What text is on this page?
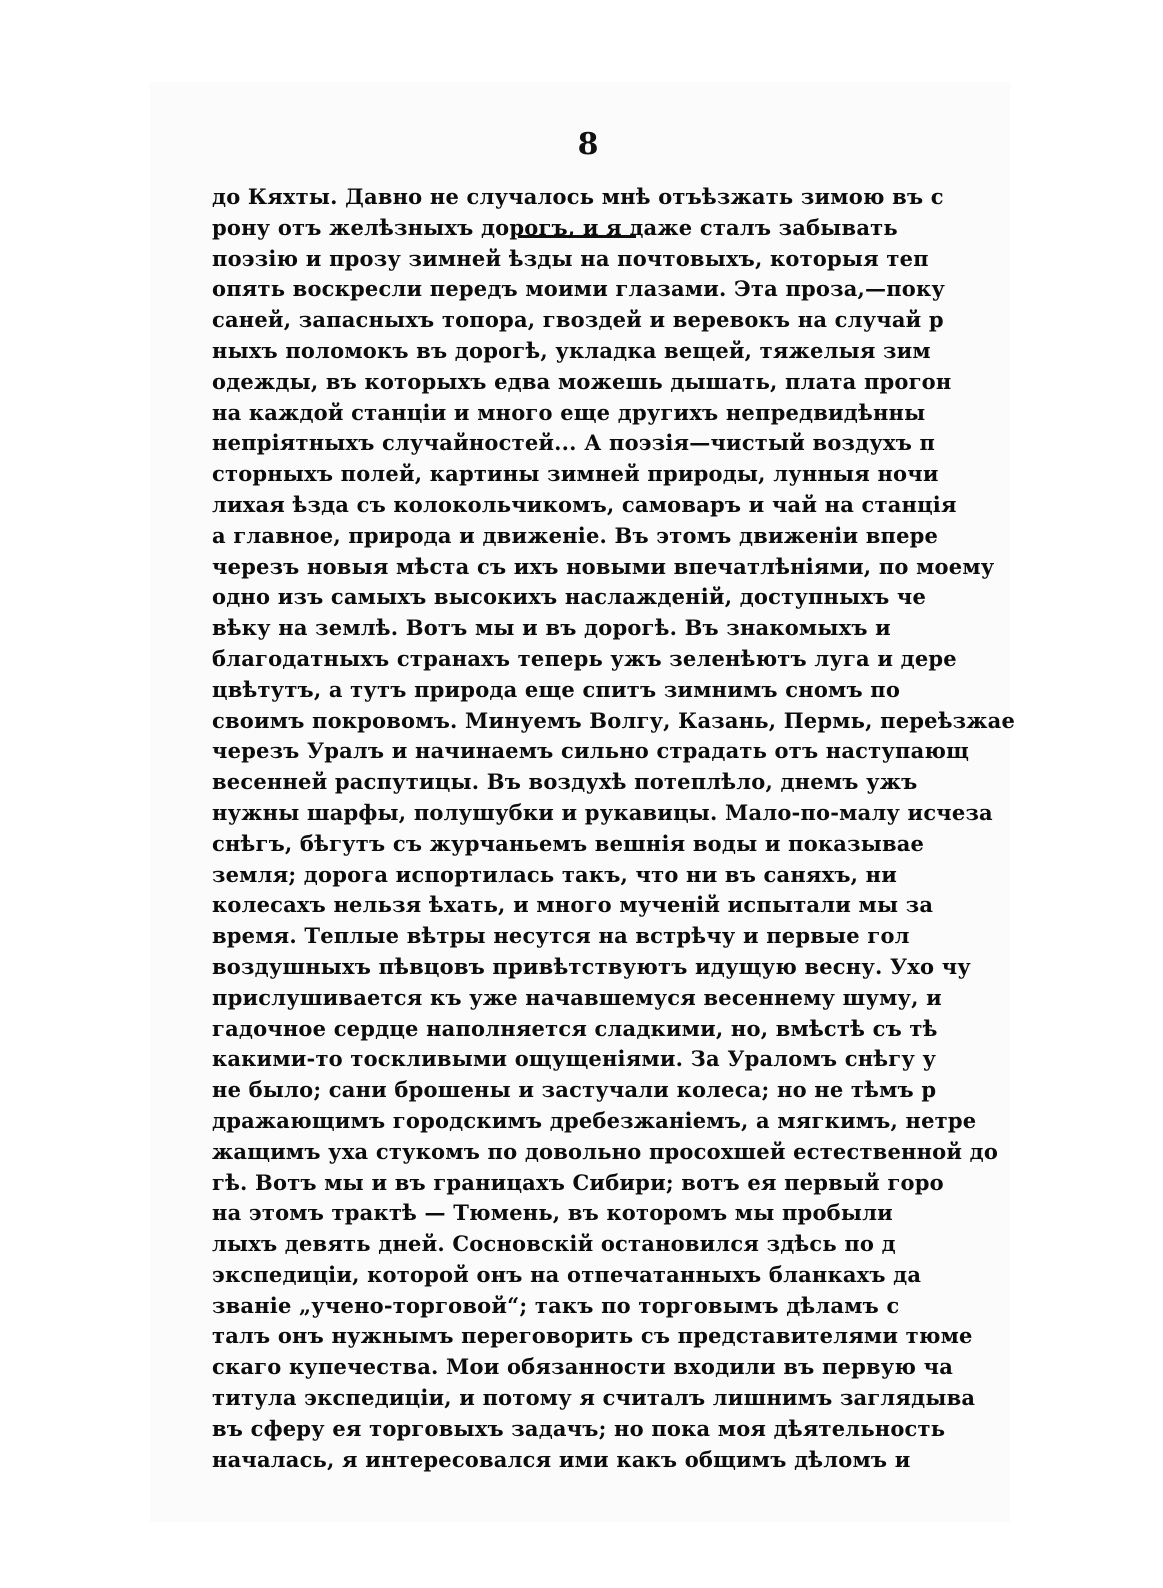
8
до Кяхты. Давно не случалось мнѣ отъѣзжать зимою въ с
рону отъ желѣзныхъ дорогъ, и я даже сталъ забывать
поэзію и прозу зимней ѣзды на почтовыхъ, которыя теп
опять воскресли передъ моими глазами. Эта проза,—поку
саней, запасныхъ топора, гвоздей и веревокъ на случай р
ныхъ поломокъ въ дорогѣ, укладка вещей, тяжелыя зим
одежды, въ которыхъ едва можешь дышать, плата прогон
на каждой станціи и много еще другихъ непредвидѣнны
непріятныхъ случайностей... А поэзія—чистый воздухъ п
сторныхъ полей, картины зимней природы, лунныя ночи
лихая ѣзда съ колокольчикомъ, самоваръ и чай на станція
а главное, природа и движеніе. Въ этомъ движеніи впере
черезъ новыя мѣста съ ихъ новыми впечатлѣніями, по моему
одно изъ самыхъ высокихъ наслажденій, доступныхъ че
вѣку на землѣ. Вотъ мы и въ дорогѣ. Въ знакомыхъ и
благодатныхъ странахъ теперь ужъ зеленѣютъ луга и дере
цвѣтутъ, а тутъ природа еще спитъ зимнимъ сномъ по
своимъ покровомъ. Минуемъ Волгу, Казань, Пермь, переѣзжае
черезъ Уралъ и начинаемъ сильно страдать отъ наступающ
весенней распутицы. Въ воздухѣ потеплѣло, днемъ ужъ
нужны шарфы, полушубки и рукавицы. Мало-по-малу исчеза
снѣгъ, бѣгутъ съ журчаньемъ вешнія воды и показывае
земля; дорога испортилась такъ, что ни въ саняхъ, ни
колесахъ нельзя ѣхать, и много мученій испытали мы за
время. Теплые вѣтры несутся на встрѣчу и первые гол
воздушныхъ пѣвцовъ привѣтствуютъ идущую весну. Ухо чу
прислушивается къ уже начавшемуся весеннему шуму, и
гадочное сердце наполняется сладкими, но, вмѣстѣ съ тѣ
какими-то тоскливыми ощущеніями. За Ураломъ снѣгу у
не было; сани брошены и застучали колеса; но не тѣмъ р
дражающимъ городскимъ дребезжаніемъ, а мягкимъ, нетре
жащимъ уха стукомъ по довольно просохшей естественной до
гѣ. Вотъ мы и въ границахъ Сибири; вотъ ея первый горо
на этомъ трактѣ — Тюмень, въ которомъ мы пробыли
лыхъ девять дней. Сосновскій остановился здѣсь по д
экспедиціи, которой онъ на отпечатанныхъ бланкахъ да
званіе „учено-торговой“; такъ по торговымъ дѣламъ с
талъ онъ нужнымъ переговорить съ представителями тюме
скаго купечества. Мои обязанности входили въ первую ча
титула экспедиціи, и потому я считалъ лишнимъ заглядыва
въ сферу ея торговыхъ задачъ; но пока моя дѣятельность
началась, я интересовался ими какъ общимъ дѣломъ и
